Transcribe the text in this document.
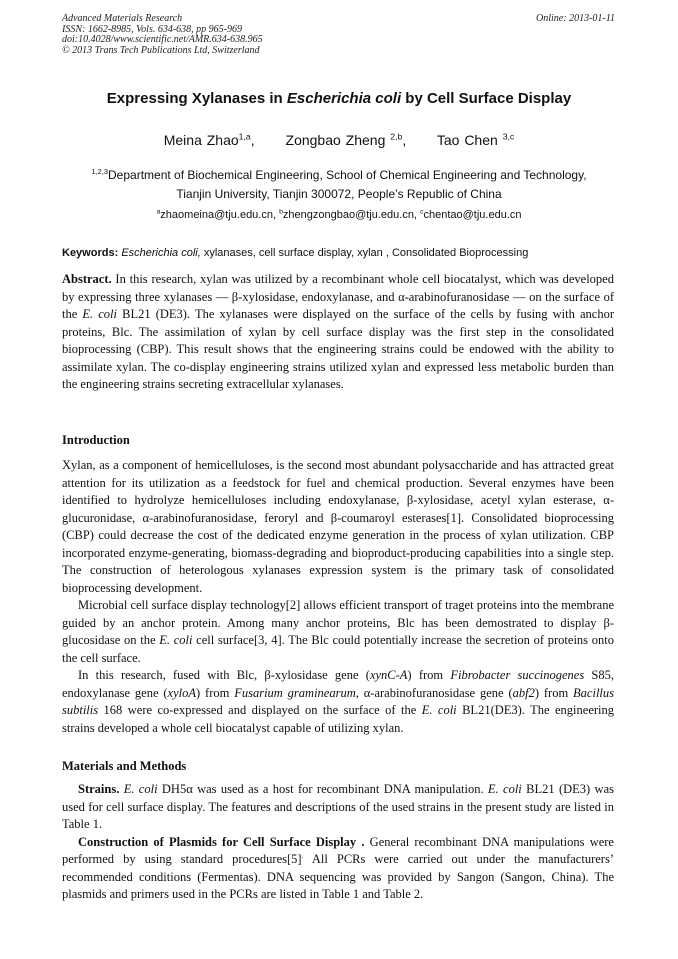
Advanced Materials Research
ISSN: 1662-8985, Vols. 634-638, pp 965-969
doi:10.4028/www.scientific.net/AMR.634-638.965
© 2013 Trans Tech Publications Ltd, Switzerland
Online: 2013-01-11
Expressing Xylanases in Escherichia coli by Cell Surface Display
Meina Zhao$^{1,a}$, Zongbao Zheng $^{2,b}$, Tao Chen $^{3,c}$
$^{1,2,3}$Department of Biochemical Engineering, School of Chemical Engineering and Technology,
Tianjin University, Tianjin 300072, People’s Republic of China
$^a$zhaomeina@tju.edu.cn, $^b$zhengzongbao@tju.edu.cn, $^c$chentao@tju.edu.cn
Keywords: Escherichia coli, xylanases, cell surface display, xylan , Consolidated Bioprocessing

Abstract. In this research, xylan was utilized by a recombinant whole cell biocatalyst, which was developed by expressing three xylanases — β-xylosidase, endoxylanase, and α-arabinofuranosidase — on the surface of the E. coli BL21 (DE3). The xylanases were displayed on the surface of the cells by fusing with anchor proteins, Blc. The assimilation of xylan by cell surface display was the first step in the consolidated bioprocessing (CBP). This result shows that the engineering strains could be endowed with the ability to assimilate xylan. The co-display engineering strains utilized xylan and expressed less metabolic burden than the engineering strains secreting extracellular xylanases.

Introduction

Xylan, as a component of hemicelluloses, is the second most abundant polysaccharide and has attracted great attention for its utilization as a feedstock for fuel and chemical production. Several enzymes have been identified to hydrolyze hemicelluloses including endoxylanase, β-xylosidase, acetyl xylan esterase, α-glucuronidase, α-arabinofuranosidase, feroryl and β-coumaroyl esterases[1]. Consolidated bioprocessing (CBP) could decrease the cost of the dedicated enzyme generation in the process of xylan utilization. CBP incorporated enzyme-generating, biomass-degrading and bioproduct-producing capabilities into a single step. The construction of heterologous xylanases expression system is the primary task of consolidated bioprocessing development.

Microbial cell surface display technology[2] allows efficient transport of traget proteins into the membrane guided by an anchor protein. Among many anchor proteins, Blc has been demostrated to display β-glucosidase on the E. coli cell surface[3, 4]. The Blc could potentially increase the secretion of proteins onto the cell surface.

In this research, fused with Blc, β-xylosidase gene (xynC-A) from Fibrobacter succinogenes S85, endoxylanase gene (xyloA) from Fusarium graminearum, α-arabinofuranosidase gene (abf2) from Bacillus subtilis 168 were co-expressed and displayed on the surface of the E. coli BL21(DE3). The engineering strains developed a whole cell biocatalyst capable of utilizing xylan.

Materials and Methods

Strains. E. coli DH5α was used as a host for recombinant DNA manipulation. E. coli BL21 (DE3) was used for cell surface display. The features and descriptions of the used strains in the present study are listed in Table 1.

Construction of Plasmids for Cell Surface Display . General recombinant DNA manipulations were performed by using standard procedures[5]. All PCRs were carried out under the manufacturers’ recommended conditions (Fermentas). DNA sequencing was provided by Sangon (Sangon, China). The plasmids and primers used in the PCRs are listed in Table 1 and Table 2.
